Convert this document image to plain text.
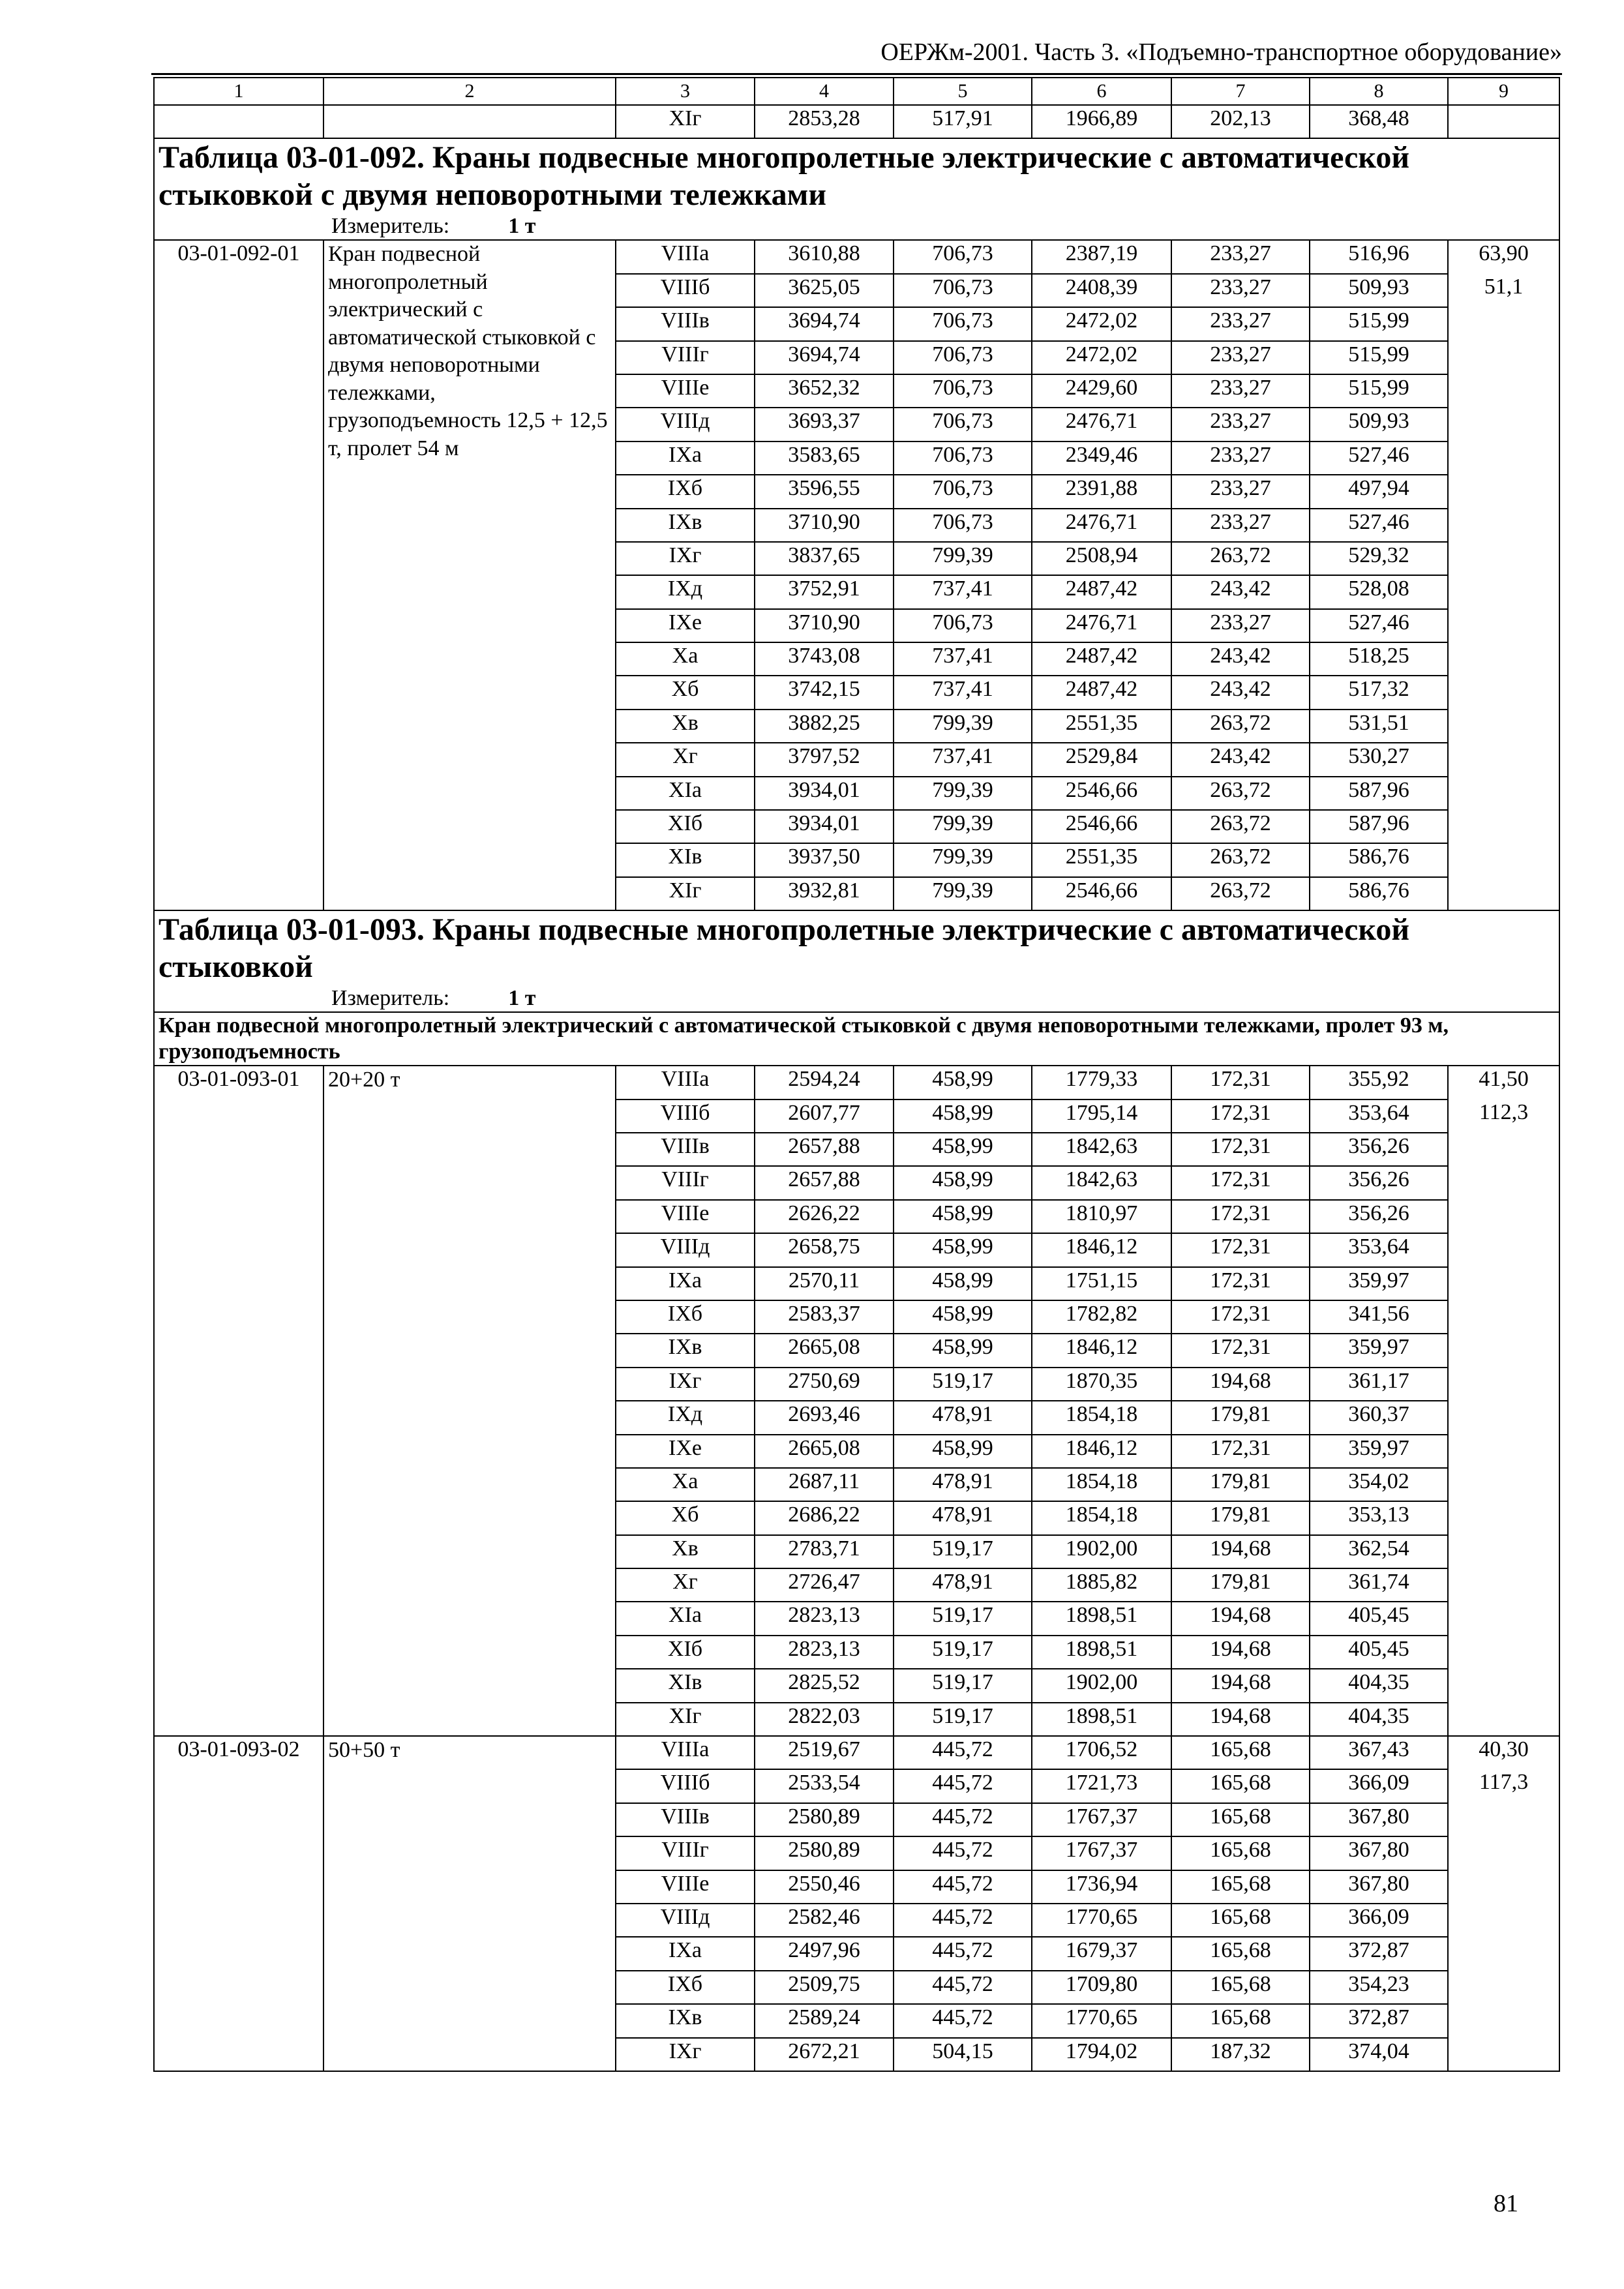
ОЕРЖм-2001. Часть 3. «Подъемно-транспортное оборудование»
1	2	3	4	5	6	7	8	9
		XIг	2853,28	517,91	1966,89	202,13	368,48	

Таблица 03-01-092. Краны подвесные многопролетные электрические с автоматической стыковкой с двумя неповоротными тележками
Измеритель: 1 т								

03-01-092-01	Кран подвесной многопролетный электрический с автоматической стыковкой с двумя неповоротными тележками, грузоподъемность 12,5 + 12,5 т, пролет 54 м	VIIIа	3610,88	706,73	2387,19	233,27	516,96	63,90
		VIIIб	3625,05	706,73	2408,39	233,27	509,93	51,1
		VIIIв	3694,74	706,73	2472,02	233,27	515,99	
		VIIIг	3694,74	706,73	2472,02	233,27	515,99	
		VIIIе	3652,32	706,73	2429,60	233,27	515,99	
		VIIIд	3693,37	706,73	2476,71	233,27	509,93	
		IXа	3583,65	706,73	2349,46	233,27	527,46	
		IXб	3596,55	706,73	2391,88	233,27	497,94	
		IXв	3710,90	706,73	2476,71	233,27	527,46	
		IXг	3837,65	799,39	2508,94	263,72	529,32	
		IXд	3752,91	737,41	2487,42	243,42	528,08	
		IXе	3710,90	706,73	2476,71	233,27	527,46	
		Xа	3743,08	737,41	2487,42	243,42	518,25	
		Xб	3742,15	737,41	2487,42	243,42	517,32	
		Xв	3882,25	799,39	2551,35	263,72	531,51	
		Xг	3797,52	737,41	2529,84	243,42	530,27	
		XIа	3934,01	799,39	2546,66	263,72	587,96	
		XIб	3934,01	799,39	2546,66	263,72	587,96	
		XIв	3937,50	799,39	2551,35	263,72	586,76	
		XIг	3932,81	799,39	2546,66	263,72	586,76	

Таблица 03-01-093. Краны подвесные многопролетные электрические с автоматической стыковкой
Измеритель: 1 т								

Кран подвесной многопролетный электрический с автоматической стыковкой с двумя неповоротными тележками, пролет 93 м, грузоподъемность								
03-01-093-01	20+20 т	VIIIа	2594,24	458,99	1779,33	172,31	355,92	41,50
		VIIIб	2607,77	458,99	1795,14	172,31	353,64	112,3
		VIIIв	2657,88	458,99	1842,63	172,31	356,26	
		VIIIг	2657,88	458,99	1842,63	172,31	356,26	
		VIIIе	2626,22	458,99	1810,97	172,31	356,26	
		VIIIд	2658,75	458,99	1846,12	172,31	353,64	
		IXа	2570,11	458,99	1751,15	172,31	359,97	
		IXб	2583,37	458,99	1782,82	172,31	341,56	
		IXв	2665,08	458,99	1846,12	172,31	359,97	
		IXг	2750,69	519,17	1870,35	194,68	361,17	
		IXд	2693,46	478,91	1854,18	179,81	360,37	
		IXе	2665,08	458,99	1846,12	172,31	359,97	
		Xа	2687,11	478,91	1854,18	179,81	354,02	
		Xб	2686,22	478,91	1854,18	179,81	353,13	
		Xв	2783,71	519,17	1902,00	194,68	362,54	
		Xг	2726,47	478,91	1885,82	179,81	361,74	
		XIа	2823,13	519,17	1898,51	194,68	405,45	
		XIб	2823,13	519,17	1898,51	194,68	405,45	
		XIв	2825,52	519,17	1902,00	194,68	404,35	
		XIг	2822,03	519,17	1898,51	194,68	404,35	
03-01-093-02	50+50 т	VIIIа	2519,67	445,72	1706,52	165,68	367,43	40,30
		VIIIб	2533,54	445,72	1721,73	165,68	366,09	117,3
		VIIIв	2580,89	445,72	1767,37	165,68	367,80	
		VIIIг	2580,89	445,72	1767,37	165,68	367,80	
		VIIIе	2550,46	445,72	1736,94	165,68	367,80	
		VIIIд	2582,46	445,72	1770,65	165,68	366,09	
		IXа	2497,96	445,72	1679,37	165,68	372,87	
		IXб	2509,75	445,72	1709,80	165,68	354,23	
		IXв	2589,24	445,72	1770,65	165,68	372,87	
		IXг	2672,21	504,15	1794,02	187,32	374,04	
81
